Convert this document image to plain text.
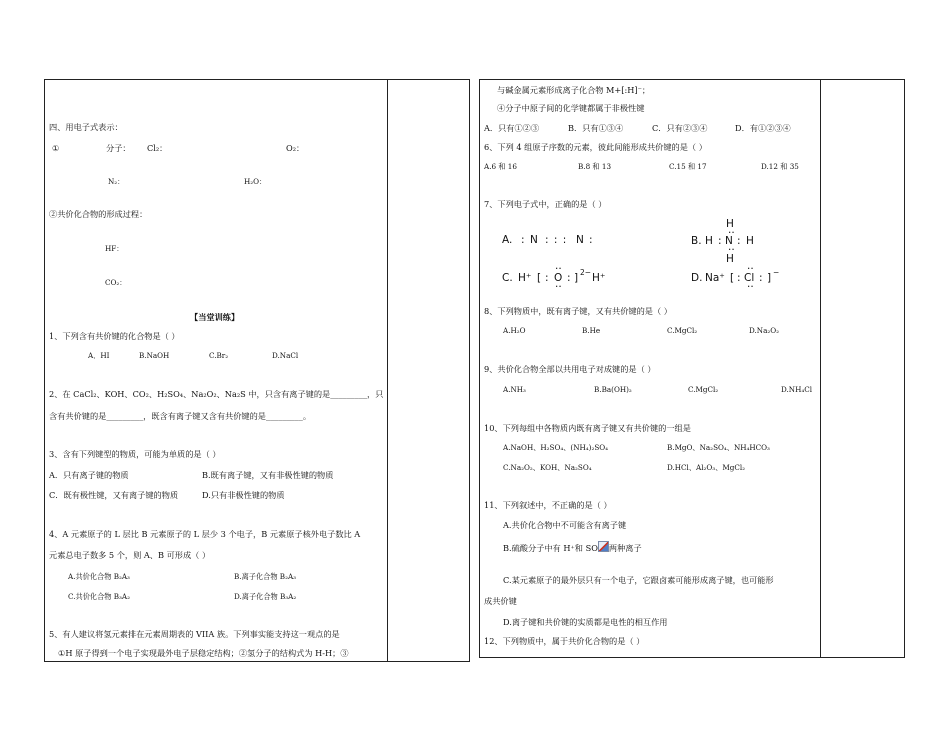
四、用电子式表示：
①	分子： Cl₂：	O₂：
N₂：	H₂O：
②共价化合物的形成过程：
HF：
CO₂：
【当堂训练】
1、下列含有共价键的化合物是（ ）
A．HI	B.NaOH	C.Br₂	D.NaCl
2、在 CaCl₂、KOH、CO₂、H₂SO₄、Na₂O₂、Na₂S 中，只含有离子键的是_________，只
含有共价键的是_________，既含有离子键又含有共价键的是_________。
3、含有下列键型的物质，可能为单质的是（ ）
A．只有离子键的物质	B.既有离子键，又有非极性键的物质
C．既有极性键，又有离子键的物质	D.只有非极性键的物质
4、A 元素原子的 L 层比 B 元素原子的 L 层少 3 个电子，B 元素原子核外电子数比 A
元素总电子数多 5 个，则 A、B 可形成（ ）
A.共价化合物 B₂A₃	B.离子化合物 B₂A₃
C.共价化合物 B₃A₂	D.离子化合物 B₃A₂
5、有人建议将氢元素排在元素周期表的 VIIA 族。下列事实能支持这一观点的是
①H 原子得到一个电子实现最外电子层稳定结构；②氢分子的结构式为 H-H；③
与碱金属元素形成离子化合物 M+[:H]⁻；
④分子中原子间的化学键都属于非极性键
A．只有①②③	B．只有①③④	C．只有②③④	D．有①②③④
6、下列 4 组原子序数的元素，彼此间能形成共价键的是（ ）
A.6 和 16	B.8 和 13	C.15 和 17	D.12 和 35
7、下列电子式中，正确的是（ ）
A. : N : : : N :	B.
H
··
H : N : H
··
H
C. H⁺ [ :
··
O
··
: ] 2− H⁺	D. Na⁺ [ :
··
Cl
··
: ] −
8、下列物质中，既有离子键，又有共价键的是（ ）
A.H₂O	B.He	C.MgCl₂	D.Na₂O₂
9、共价化合物全部以共用电子对成键的是（ ）
A.NH₃	B.Ba(OH)₂	C.MgCl₂	D.NH₄Cl
10、下列每组中各物质内既有离子键又有共价键的一组是
A.NaOH、H₂SO₄、(NH₄)₂SO₄	B.MgO、Na₂SO₄、NH₄HCO₃
C.Na₂O₂、KOH、Na₂SO₄	D.HCl、Al₂O₃、MgCl₂
11、下列叙述中，不正确的是（ ）
A.共价化合物中不可能含有离子键
B.硫酸分子中有 H⁺和 SO 两种离子
C.某元素原子的最外层只有一个电子，它跟卤素可能形成离子键，也可能形
成共价键
D.离子键和共价键的实质都是电性的相互作用
12、下列物质中，属于共价化合物的是（ ）
